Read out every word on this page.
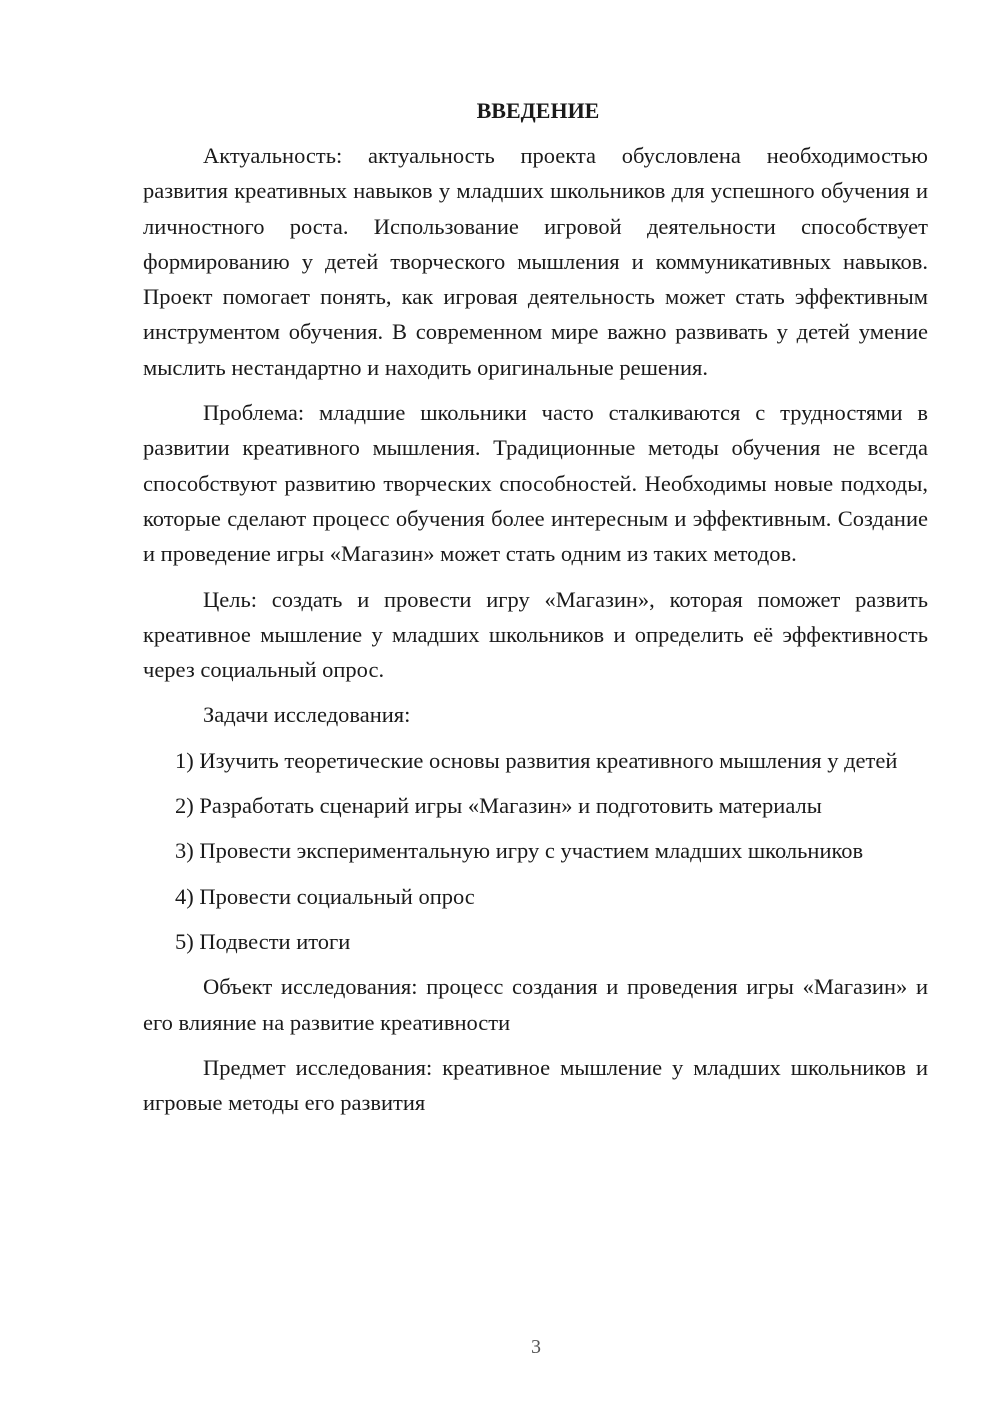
ВВЕДЕНИЕ

Актуальность: актуальность проекта обусловлена необходимостью развития креативных навыков у младших школьников для успешного обучения и личностного роста. Использование игровой деятельности способствует формированию у детей творческого мышления и коммуникативных навыков. Проект помогает понять, как игровая деятельность может стать эффективным инструментом обучения. В современном мире важно развивать у детей умение мыслить нестандартно и находить оригинальные решения.

Проблема: младшие школьники часто сталкиваются с трудностями в развитии креативного мышления. Традиционные методы обучения не всегда способствуют развитию творческих способностей. Необходимы новые подходы, которые сделают процесс обучения более интересным и эффективным. Создание и проведение игры «Магазин» может стать одним из таких методов.

Цель: создать и провести игру «Магазин», которая поможет развить креативное мышление у младших школьников и определить её эффективность через социальный опрос.

Задачи исследования:

1) Изучить теоретические основы развития креативного мышления у детей

2) Разработать сценарий игры «Магазин» и подготовить материалы

3) Провести экспериментальную игру с участием младших школьников

4) Провести социальный опрос

5) Подвести итоги

Объект исследования: процесс создания и проведения игры «Магазин» и его влияние на развитие креативности

Предмет исследования: креативное мышление у младших школьников и игровые методы его развития

3
